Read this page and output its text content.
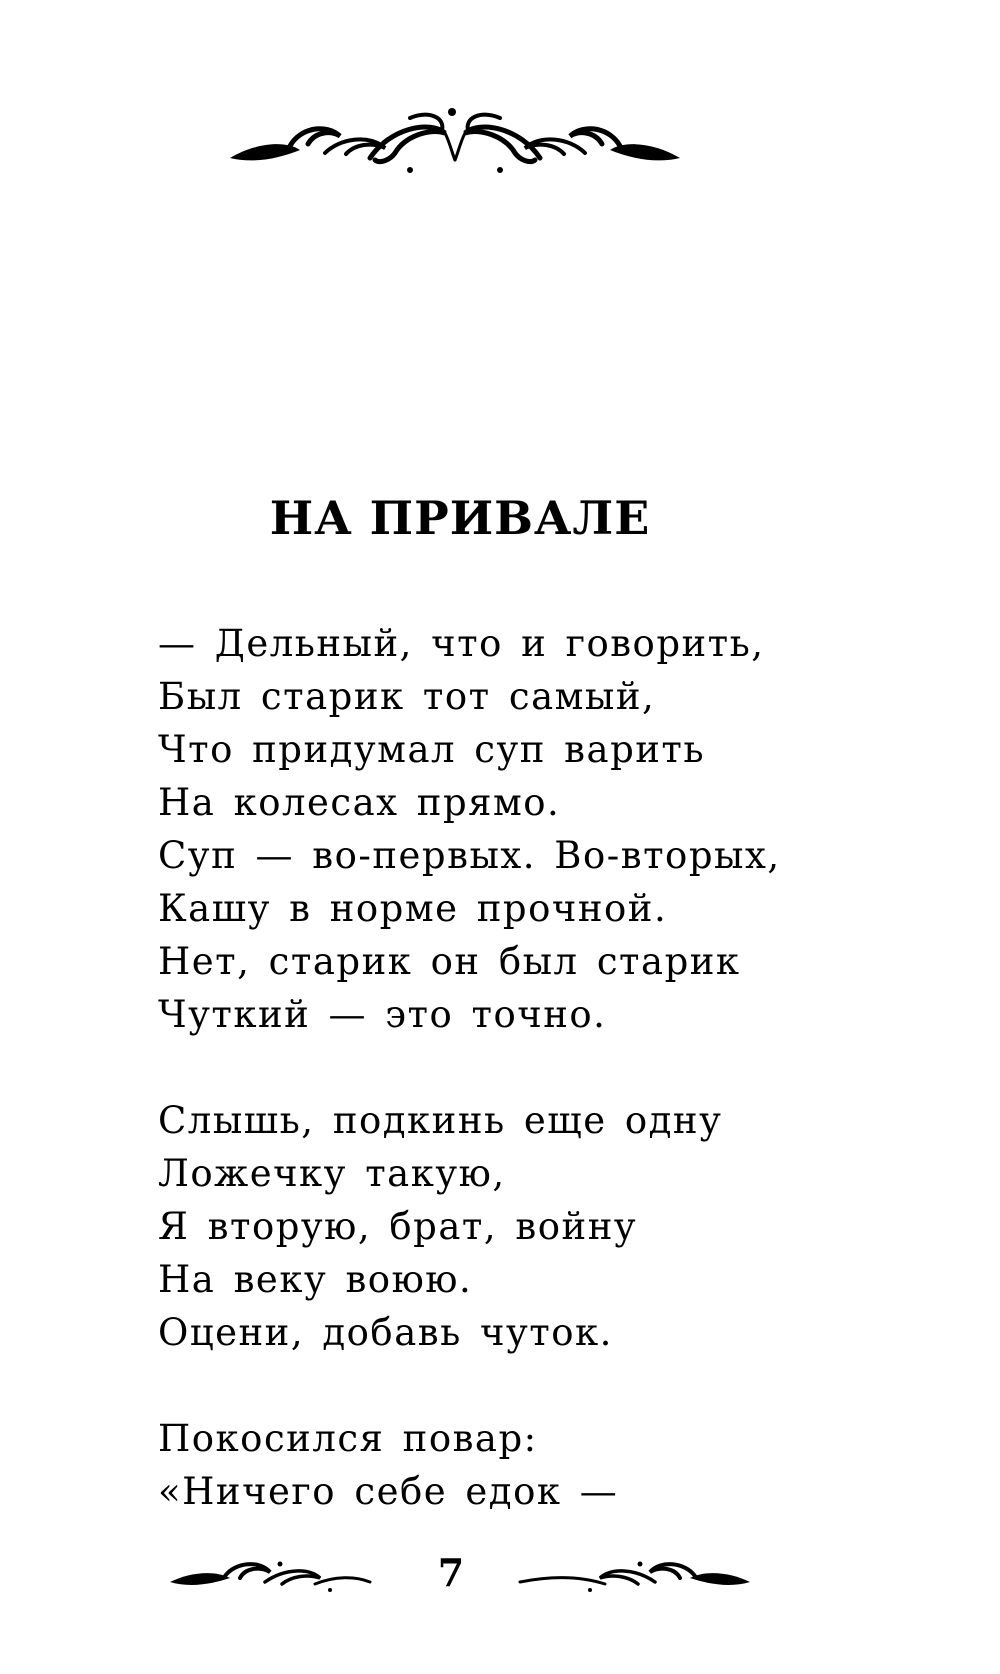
НА ПРИВАЛЕ
— Дельный, что и говорить,
Был старик тот самый,
Что придумал суп варить
На колесах прямо.
Суп — во-первых. Во-вторых,
Кашу в норме прочной.
Нет, старик он был старик
Чуткий — это точно.
Слышь, подкинь еще одну
Ложечку такую,
Я вторую, брат, войну
На веку воюю.
Оцени, добавь чуток.
Покосился повар:
«Ничего себе едок —
7
